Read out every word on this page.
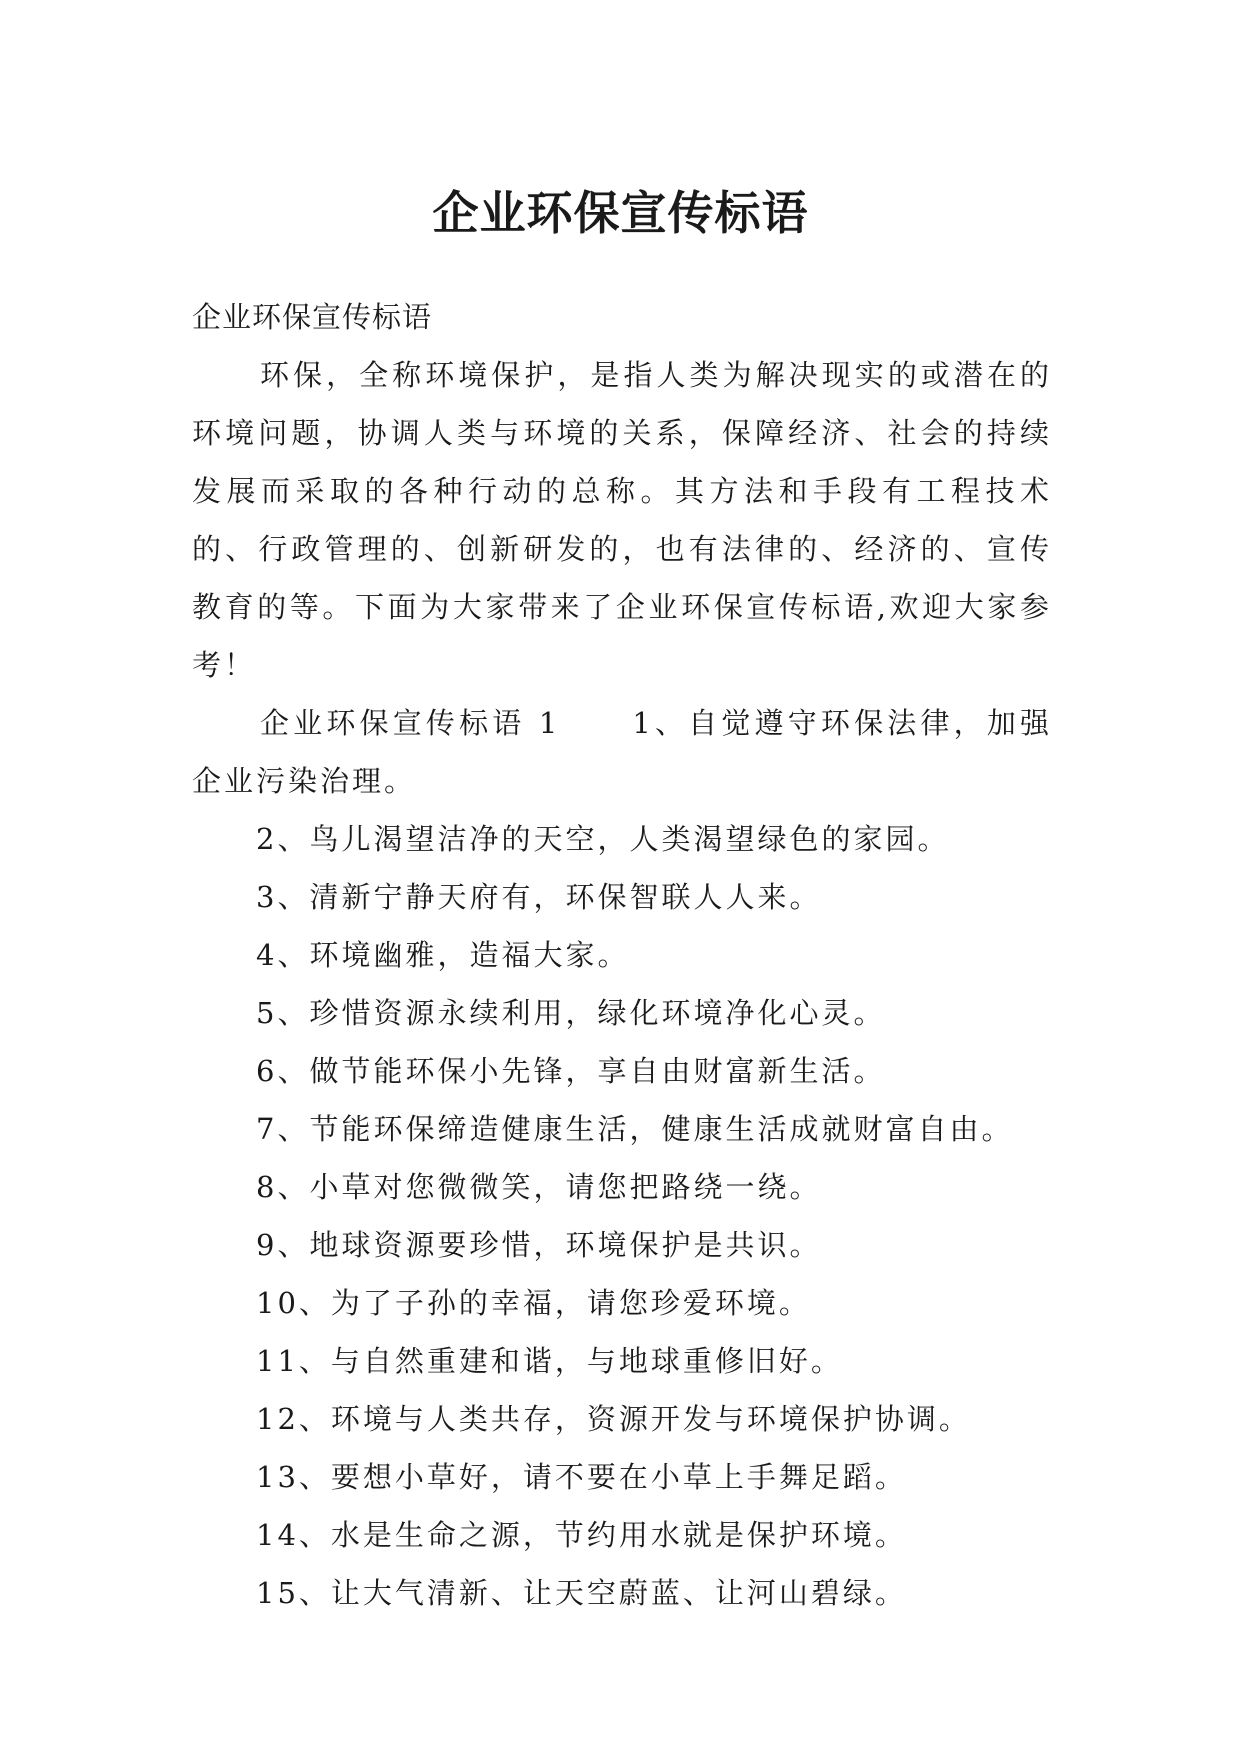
企业环保宣传标语

企业环保宣传标语

环保，全称环境保护，是指人类为解决现实的或潜在的环境问题，协调人类与环境的关系，保障经济、社会的持续发展而采取的各种行动的总称。其方法和手段有工程技术的、行政管理的、创新研发的，也有法律的、经济的、宣传教育的等。下面为大家带来了企业环保宣传标语,欢迎大家参考！

企业环保宣传标语 1 1、自觉遵守环保法律，加强企业污染治理。

2、鸟儿渴望洁净的天空，人类渴望绿色的家园。

3、清新宁静天府有，环保智联人人来。

4、环境幽雅，造福大家。

5、珍惜资源永续利用，绿化环境净化心灵。

6、做节能环保小先锋，享自由财富新生活。

7、节能环保缔造健康生活，健康生活成就财富自由。

8、小草对您微微笑，请您把路绕一绕。

9、地球资源要珍惜，环境保护是共识。

10、为了子孙的幸福，请您珍爱环境。

11、与自然重建和谐，与地球重修旧好。

12、环境与人类共存，资源开发与环境保护协调。

13、要想小草好，请不要在小草上手舞足蹈。

14、水是生命之源，节约用水就是保护环境。

15、让大气清新、让天空蔚蓝、让河山碧绿。
